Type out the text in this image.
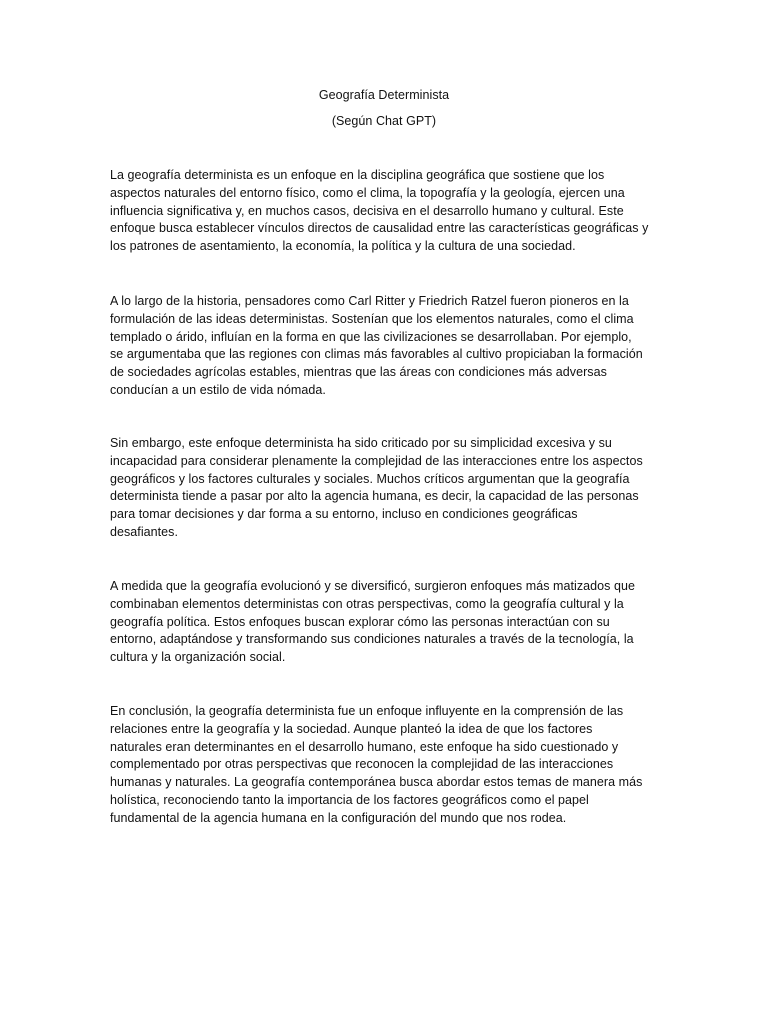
Geografía Determinista
(Según Chat GPT)

La geografía determinista es un enfoque en la disciplina geográfica que sostiene que los
aspectos naturales del entorno físico, como el clima, la topografía y la geología, ejercen una
influencia significativa y, en muchos casos, decisiva en el desarrollo humano y cultural. Este
enfoque busca establecer vínculos directos de causalidad entre las características geográficas y
los patrones de asentamiento, la economía, la política y la cultura de una sociedad.

A lo largo de la historia, pensadores como Carl Ritter y Friedrich Ratzel fueron pioneros en la
formulación de las ideas deterministas. Sostenían que los elementos naturales, como el clima
templado o árido, influían en la forma en que las civilizaciones se desarrollaban. Por ejemplo,
se argumentaba que las regiones con climas más favorables al cultivo propiciaban la formación
de sociedades agrícolas estables, mientras que las áreas con condiciones más adversas
conducían a un estilo de vida nómada.

Sin embargo, este enfoque determinista ha sido criticado por su simplicidad excesiva y su
incapacidad para considerar plenamente la complejidad de las interacciones entre los aspectos
geográficos y los factores culturales y sociales. Muchos críticos argumentan que la geografía
determinista tiende a pasar por alto la agencia humana, es decir, la capacidad de las personas
para tomar decisiones y dar forma a su entorno, incluso en condiciones geográficas
desafiantes.

A medida que la geografía evolucionó y se diversificó, surgieron enfoques más matizados que
combinaban elementos deterministas con otras perspectivas, como la geografía cultural y la
geografía política. Estos enfoques buscan explorar cómo las personas interactúan con su
entorno, adaptándose y transformando sus condiciones naturales a través de la tecnología, la
cultura y la organización social.

En conclusión, la geografía determinista fue un enfoque influyente en la comprensión de las
relaciones entre la geografía y la sociedad. Aunque planteó la idea de que los factores
naturales eran determinantes en el desarrollo humano, este enfoque ha sido cuestionado y
complementado por otras perspectivas que reconocen la complejidad de las interacciones
humanas y naturales. La geografía contemporánea busca abordar estos temas de manera más
holística, reconociendo tanto la importancia de los factores geográficos como el papel
fundamental de la agencia humana en la configuración del mundo que nos rodea.
